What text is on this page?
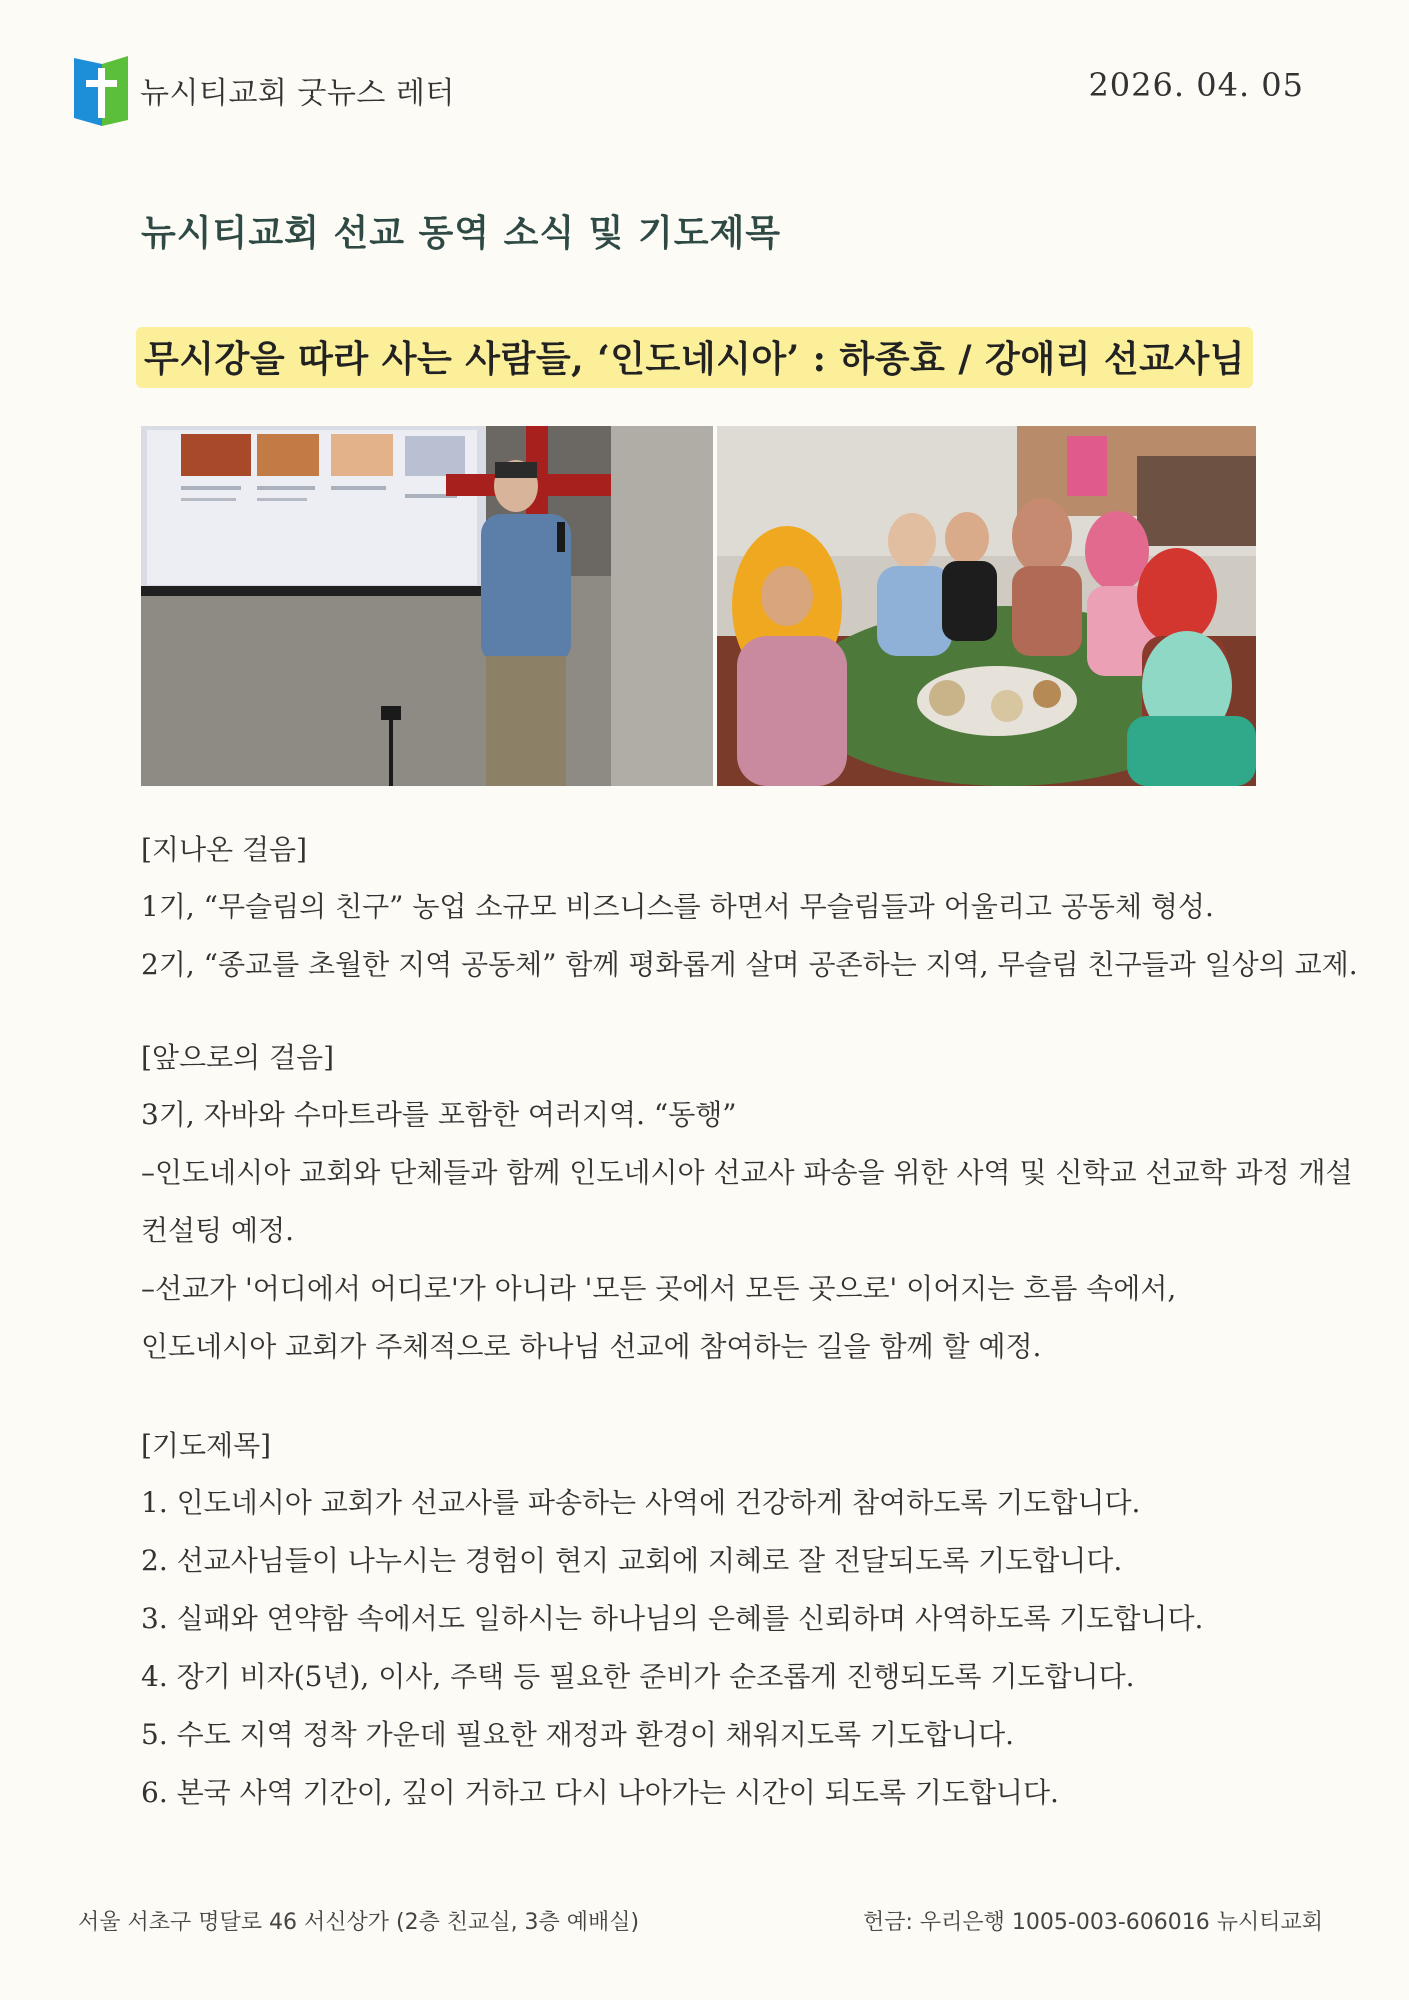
뉴시티교회 굿뉴스 레터	2026. 04. 05
뉴시티교회 선교 동역 소식 및 기도제목
무시강을 따라 사는 사람들, ‘인도네시아’ : 하종효 / 강애리 선교사님

[지나온 걸음]

1기, “무슬림의 친구” 농업 소규모 비즈니스를 하면서 무슬림들과 어울리고 공동체 형성.

2기, “종교를 초월한 지역 공동체” 함께 평화롭게 살며 공존하는 지역, 무슬림 친구들과 일상의 교제.

[앞으로의 걸음]

3기, 자바와 수마트라를 포함한 여러지역. “동행”

–인도네시아 교회와 단체들과 함께 인도네시아 선교사 파송을 위한 사역 및 신학교 선교학 과정 개설

컨설팅 예정.

–선교가 '어디에서 어디로'가 아니라 '모든 곳에서 모든 곳으로' 이어지는 흐름 속에서,

인도네시아 교회가 주체적으로 하나님 선교에 참여하는 길을 함께 할 예정.

[기도제목]

1. 인도네시아 교회가 선교사를 파송하는 사역에 건강하게 참여하도록 기도합니다.

2. 선교사님들이 나누시는 경험이 현지 교회에 지혜로 잘 전달되도록 기도합니다.

3. 실패와 연약함 속에서도 일하시는 하나님의 은혜를 신뢰하며 사역하도록 기도합니다.

4. 장기 비자(5년), 이사, 주택 등 필요한 준비가 순조롭게 진행되도록 기도합니다.

5. 수도 지역 정착 가운데 필요한 재정과 환경이 채워지도록 기도합니다.

6. 본국 사역 기간이, 깊이 거하고 다시 나아가는 시간이 되도록 기도합니다.

서울 서초구 명달로 46 서신상가 (2층 친교실, 3층 예배실)	헌금: 우리은행 1005-003-606016 뉴시티교회
